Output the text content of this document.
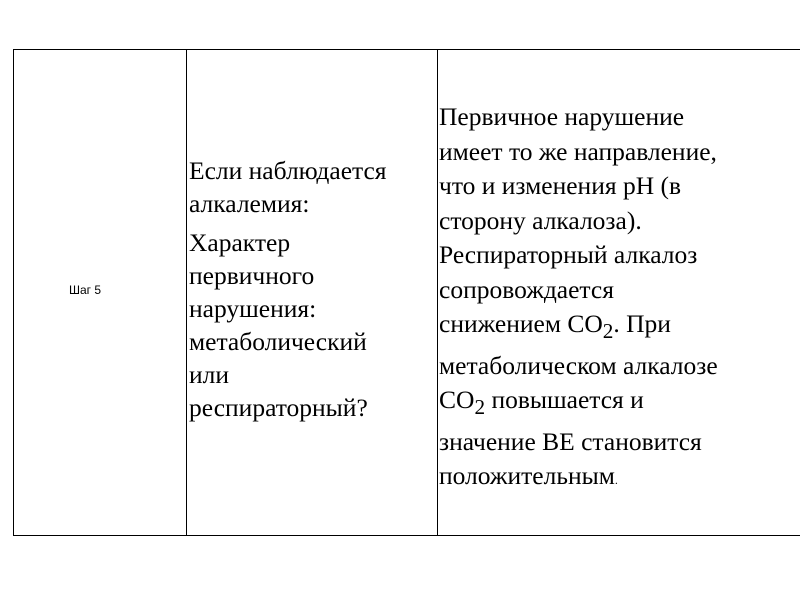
Шаг 5

Если наблюдается
алкалемия:

Характер
первичного
нарушения:
метаболический
или
респираторный?

Первичное нарушение
имеет то же направление,
что и изменения pH (в
сторону алкалоза).
Респираторный алкалоз
сопровождается
снижением $СО_2$. При
метаболическом алкалозе
$СО_2$ повышается и
значение BE становится
положительным.
